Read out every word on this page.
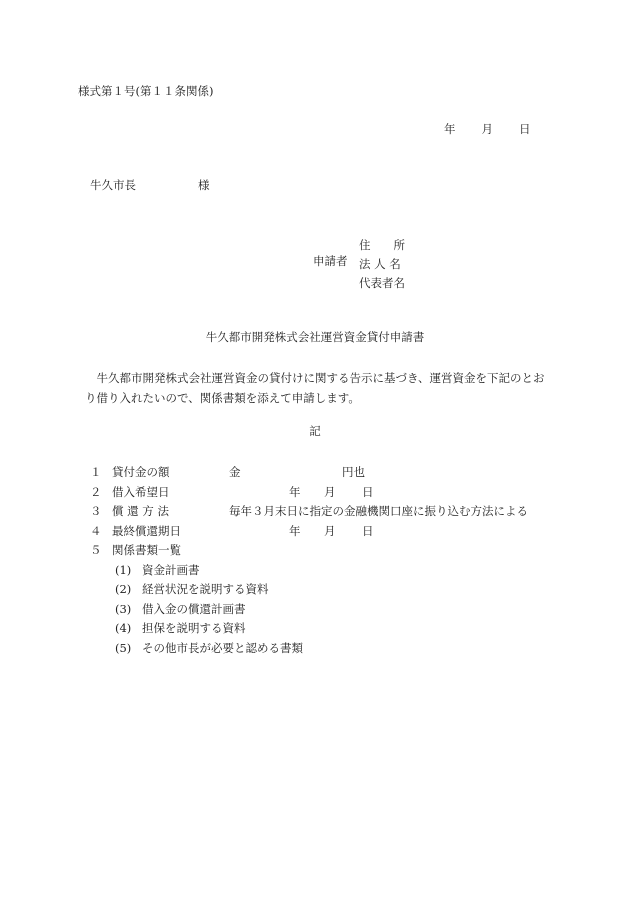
様式第１号(第１１条関係)
年 月 日
牛久市長	様
申請者
住　　所
法 人 名
代表者名
牛久都市開発株式会社運営資金貸付申請書

牛久都市開発株式会社運営資金の貸付けに関する告示に基づき、運営資金を下記のとおり借り入れたいので、関係書類を添えて申請します。

記
１ 貸付金の額	金	円也
２ 借入希望日	年 月 日
３ 償 還 方 法	毎年３月末日に指定の金融機関口座に振り込む方法による
４ 最終償還期日	年 月 日
５ 関係書類一覧
(1) 資金計画書
(2) 経営状況を説明する資料
(3) 借入金の償還計画書
(4) 担保を説明する資料
(5) その他市長が必要と認める書類
